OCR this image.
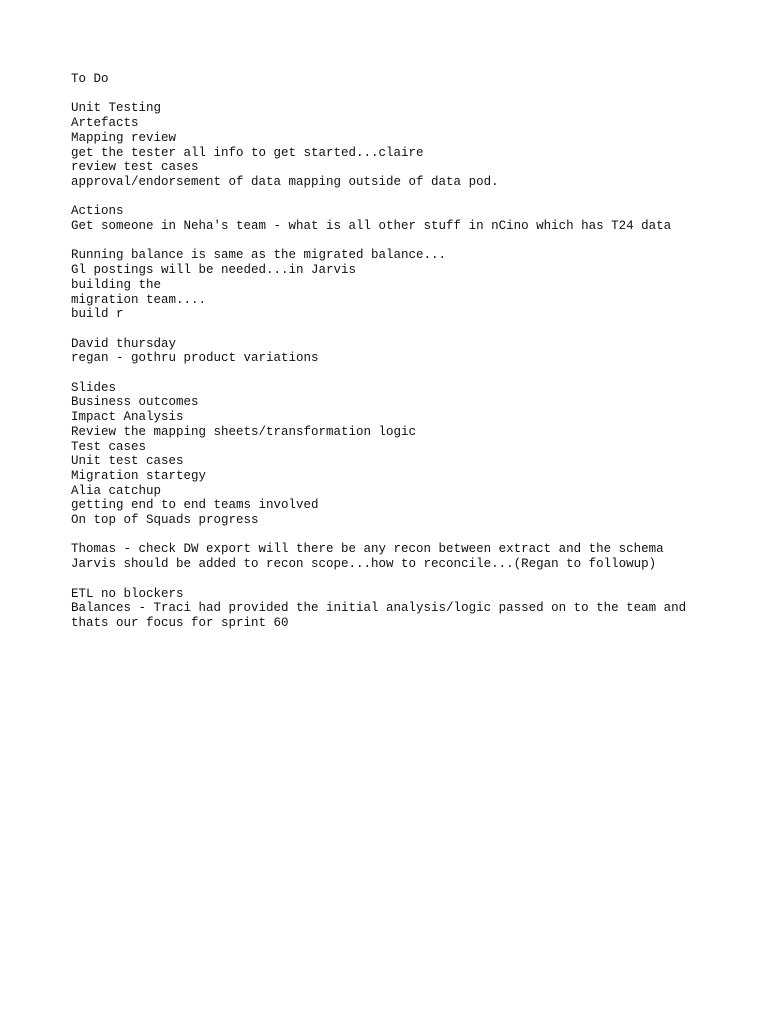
To Do
Unit Testing
Artefacts
Mapping review
get the tester all info to get started...claire
review test cases
approval/endorsement of data mapping outside of data pod.
Actions
Get someone in Neha's team - what is all other stuff in nCino which has T24 data
Running balance is same as the migrated balance...
Gl postings will be needed...in Jarvis
building the
migration team....
build r
David thursday
regan - gothru product variations
Slides
Business outcomes
Impact Analysis
Review the mapping sheets/transformation logic
Test cases
Unit test cases
Migration startegy
Alia catchup
getting end to end teams involved
On top of Squads progress
Thomas - check DW export will there be any recon between extract and the schema
Jarvis should be added to recon scope...how to reconcile...(Regan to followup)
ETL no blockers
Balances - Traci had provided the initial analysis/logic passed on to the team and thats our focus for sprint 60
